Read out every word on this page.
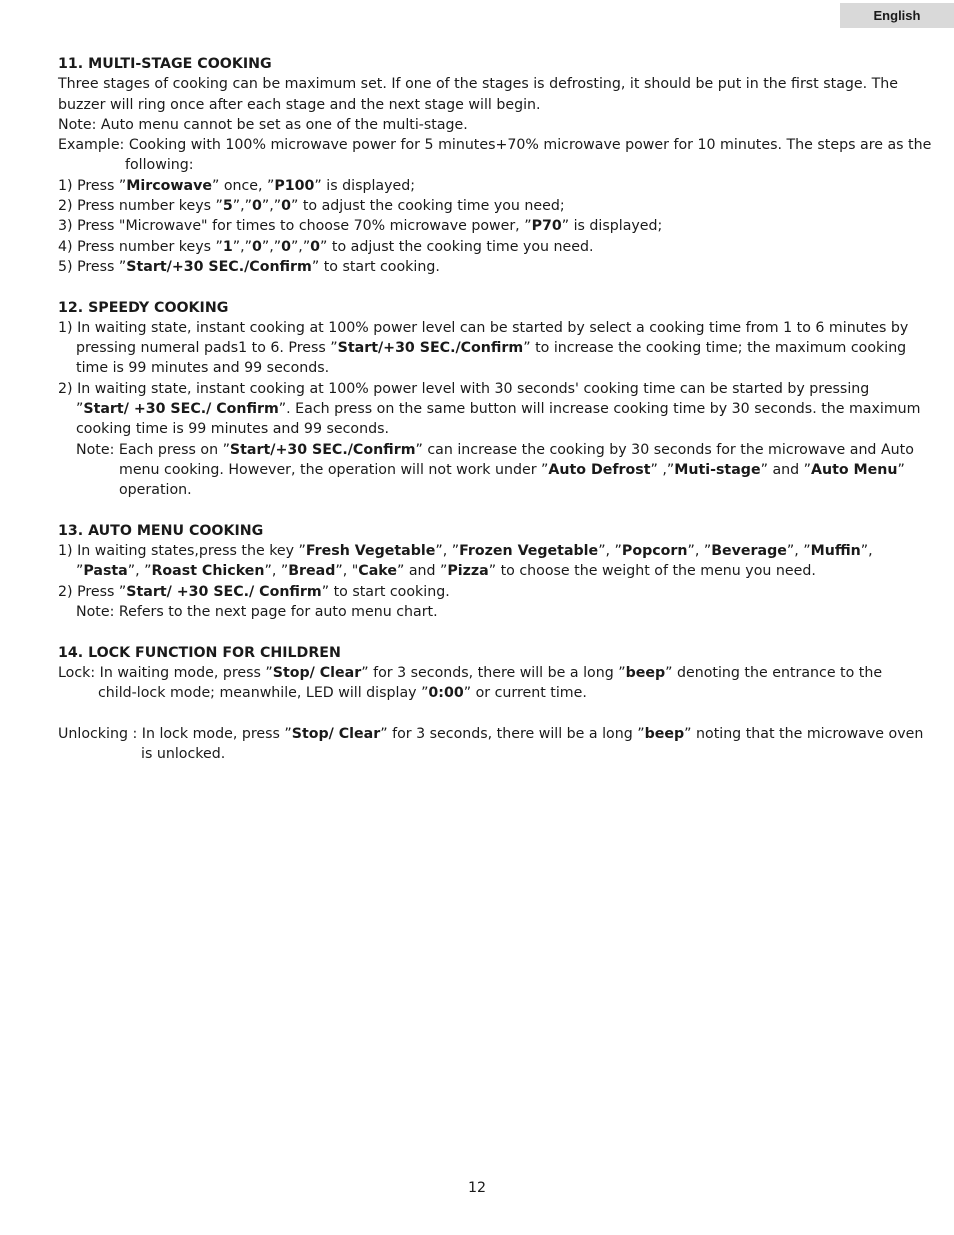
English
11. MULTI-STAGE COOKING

Three stages of cooking can be maximum set. If one of the stages is defrosting, it should be put in the first stage. The

buzzer will ring once after each stage and the next stage will begin.

Note: Auto menu cannot be set as one of the multi-stage.

Example: Cooking with 100% microwave power for 5 minutes+70% microwave power for 10 minutes. The steps are as the

following:

1) Press ”Mircowave” once, ”P100” is displayed;

2) Press number keys ”5”,”0”,”0” to adjust the cooking time you need;

3) Press "Microwave" for times to choose 70% microwave power, ”P70” is displayed;

4) Press number keys ”1”,”0”,”0”,”0” to adjust the cooking time you need.

5) Press ”Start/+30 SEC./Confirm” to start cooking.

12. SPEEDY COOKING

1) In waiting state, instant cooking at 100% power level can be started by select a cooking time from 1 to 6 minutes by

pressing numeral pads1 to 6. Press ”Start/+30 SEC./Confirm” to increase the cooking time; the maximum cooking

time is 99 minutes and 99 seconds.

2) In waiting state, instant cooking at 100% power level with 30 seconds' cooking time can be started by pressing

”Start/ +30 SEC./ Confirm”. Each press on the same button will increase cooking time by 30 seconds. the maximum

cooking time is 99 minutes and 99 seconds.

Note: Each press on ”Start/+30 SEC./Confirm” can increase the cooking by 30 seconds for the microwave and Auto

menu cooking. However, the operation will not work under ”Auto Defrost” ,”Muti-stage” and ”Auto Menu”

operation.

13. AUTO MENU COOKING

1) In waiting states,press the key ”Fresh Vegetable”, ”Frozen Vegetable”, ”Popcorn”, ”Beverage”, ”Muffin”,

”Pasta”, ”Roast Chicken”, ”Bread”, "Cake” and ”Pizza” to choose the weight of the menu you need.

2) Press ”Start/ +30 SEC./ Confirm” to start cooking.

Note: Refers to the next page for auto menu chart.

14. LOCK FUNCTION FOR CHILDREN

Lock: In waiting mode, press ”Stop/ Clear” for 3 seconds, there will be a long ”beep” denoting the entrance to the

child-lock mode; meanwhile, LED will display ”0:00” or current time.

Unlocking : In lock mode, press ”Stop/ Clear” for 3 seconds, there will be a long ”beep” noting that the microwave oven

is unlocked.

12
